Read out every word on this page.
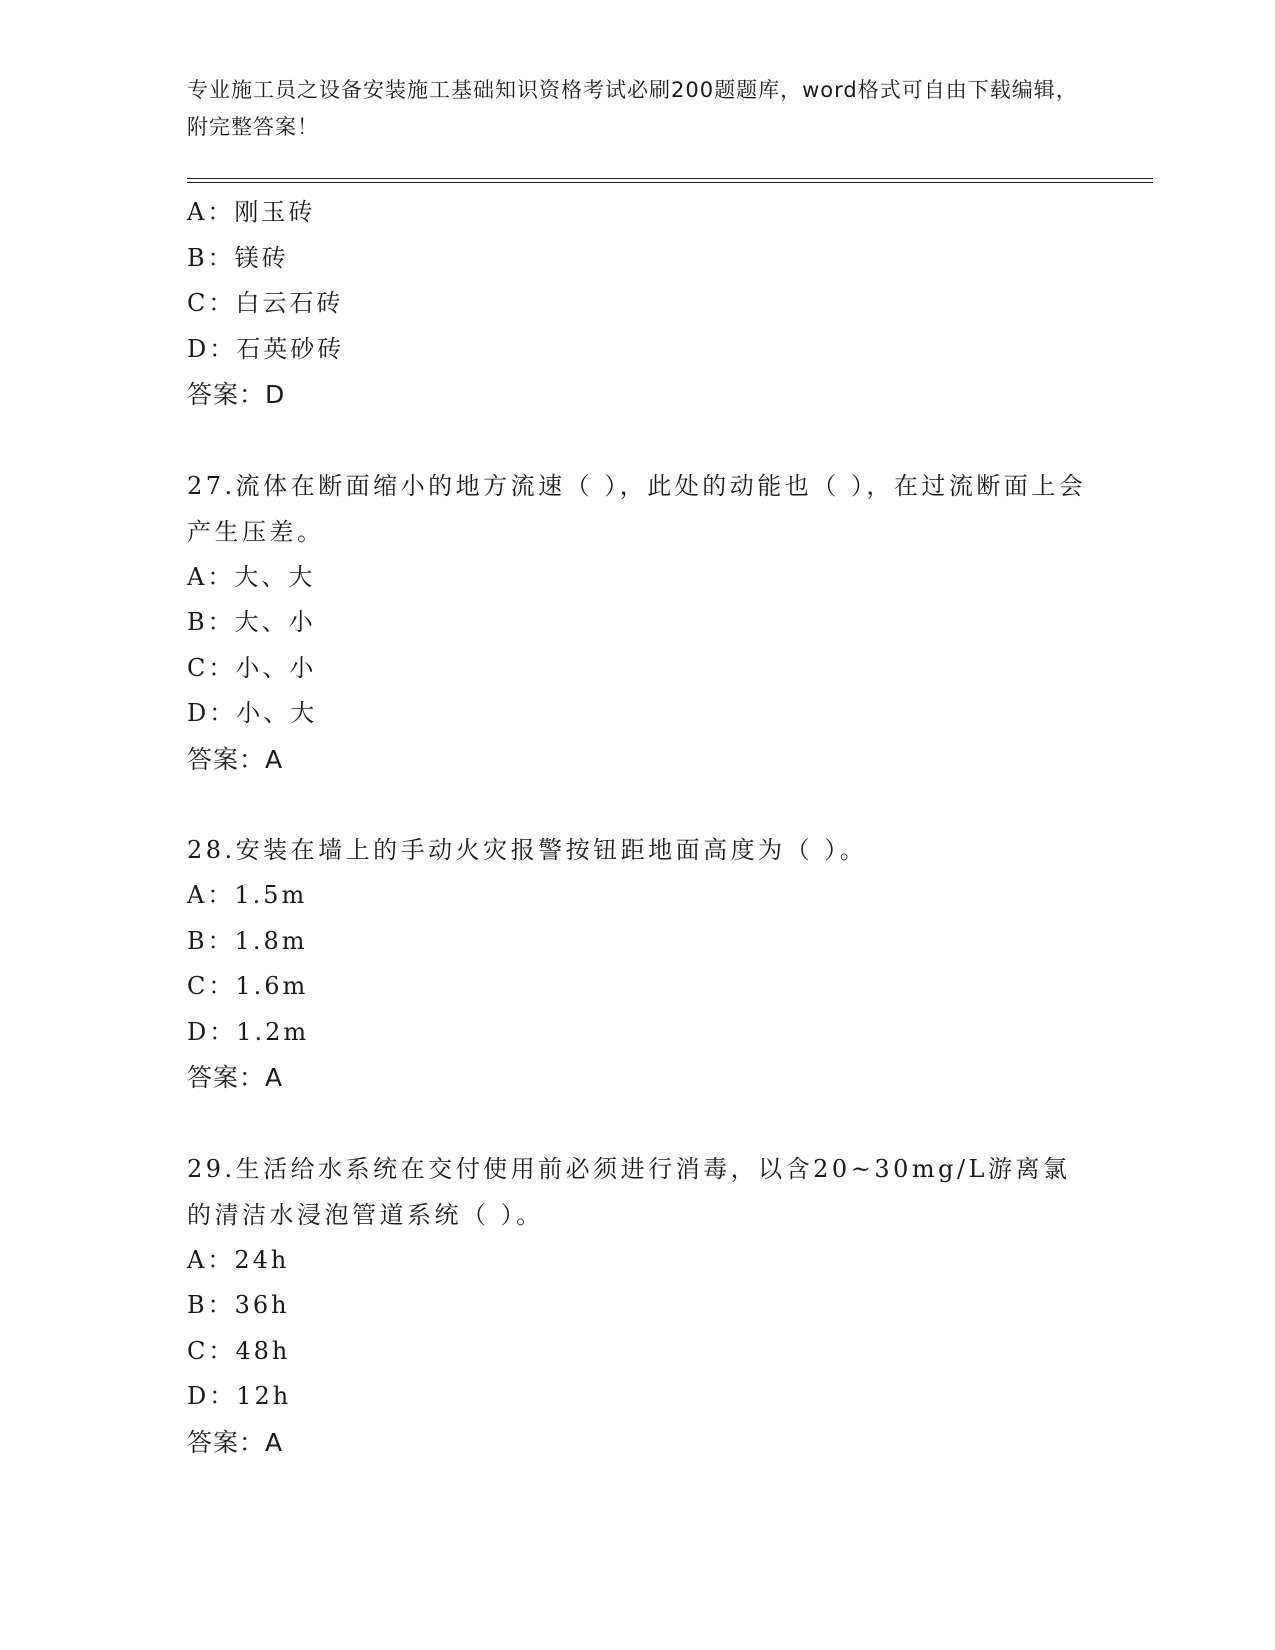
专业施工员之设备安装施工基础知识资格考试必刷200题题库，word格式可自由下载编辑，附完整答案！
A：刚玉砖
B：镁砖
C：白云石砖
D：石英砂砖
答案：D
27.流体在断面缩小的地方流速（ ），此处的动能也（ ），在过流断面上会产生压差。
A：大、大
B：大、小
C：小、小
D：小、大
答案：A
28.安装在墙上的手动火灾报警按钮距地面高度为（ ）。
A：1.5m
B：1.8m
C：1.6m
D：1.2m
答案：A
29.生活给水系统在交付使用前必须进行消毒，以含20~30mg/L游离氯的清洁水浸泡管道系统（ ）。
A：24h
B：36h
C：48h
D：12h
答案：A
